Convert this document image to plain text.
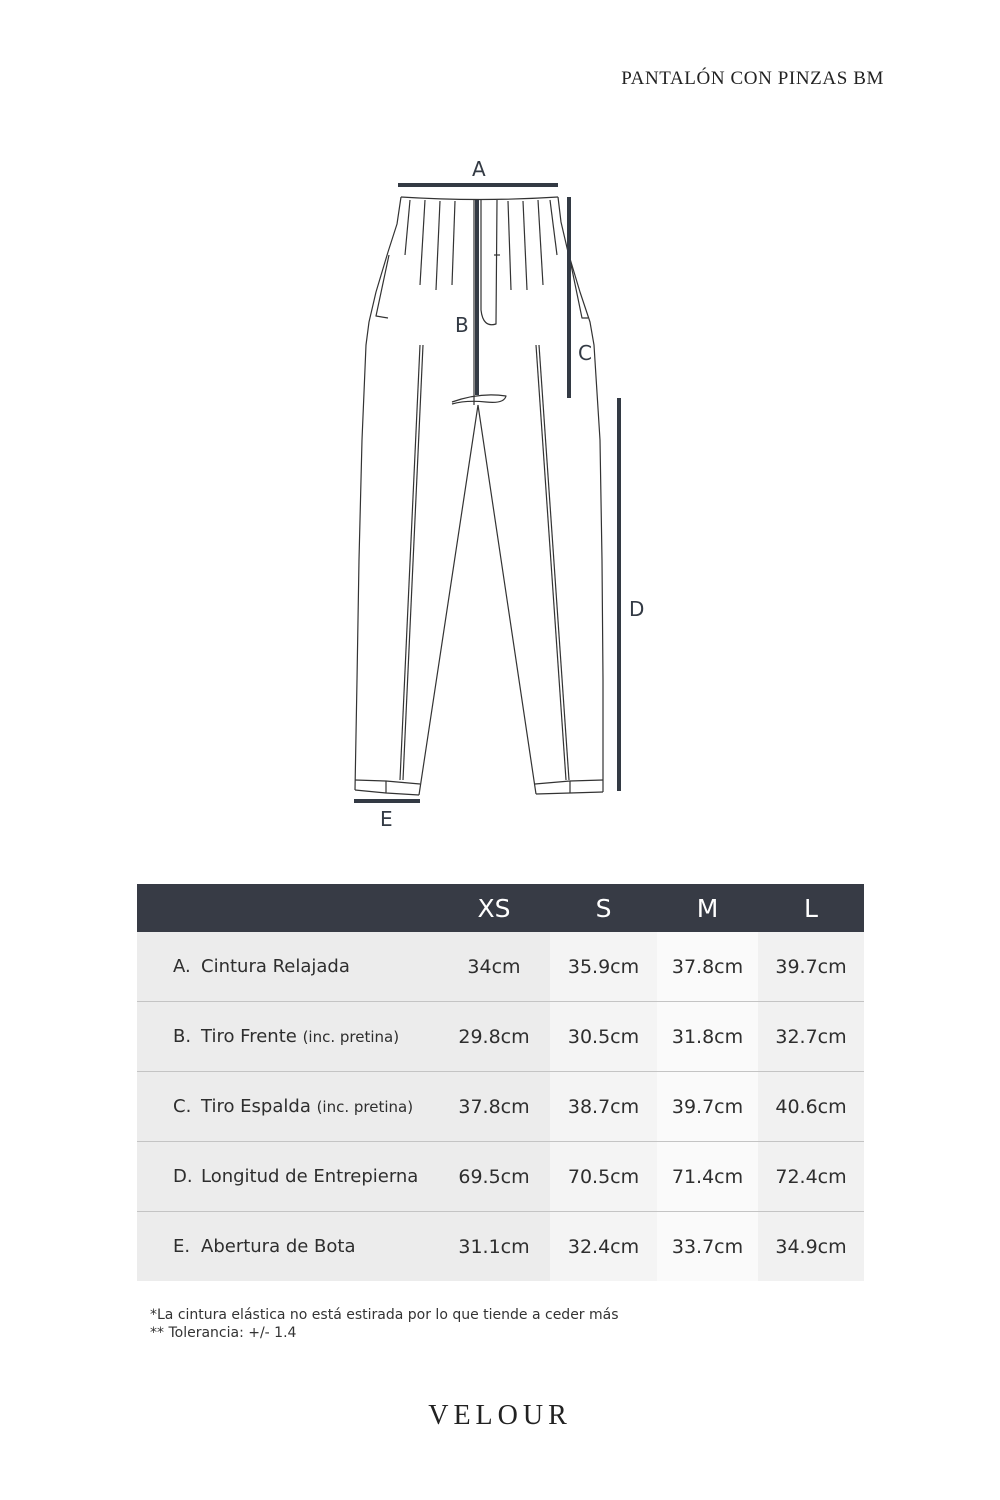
PANTALÓN CON PINZAS BM
A
B
C
D
E
	XS	S	M	L
A. Cintura Relajada	34cm	35.9cm	37.8cm	39.7cm
B. Tiro Frente (inc. pretina)	29.8cm	30.5cm	31.8cm	32.7cm
C. Tiro Espalda (inc. pretina)	37.8cm	38.7cm	39.7cm	40.6cm
D. Longitud de Entrepierna	69.5cm	70.5cm	71.4cm	72.4cm
E. Abertura de Bota	31.1cm	32.4cm	33.7cm	34.9cm
*La cintura elástica no está estirada por lo que tiende a ceder más
** Tolerancia: +/- 1.4
VELOUR
